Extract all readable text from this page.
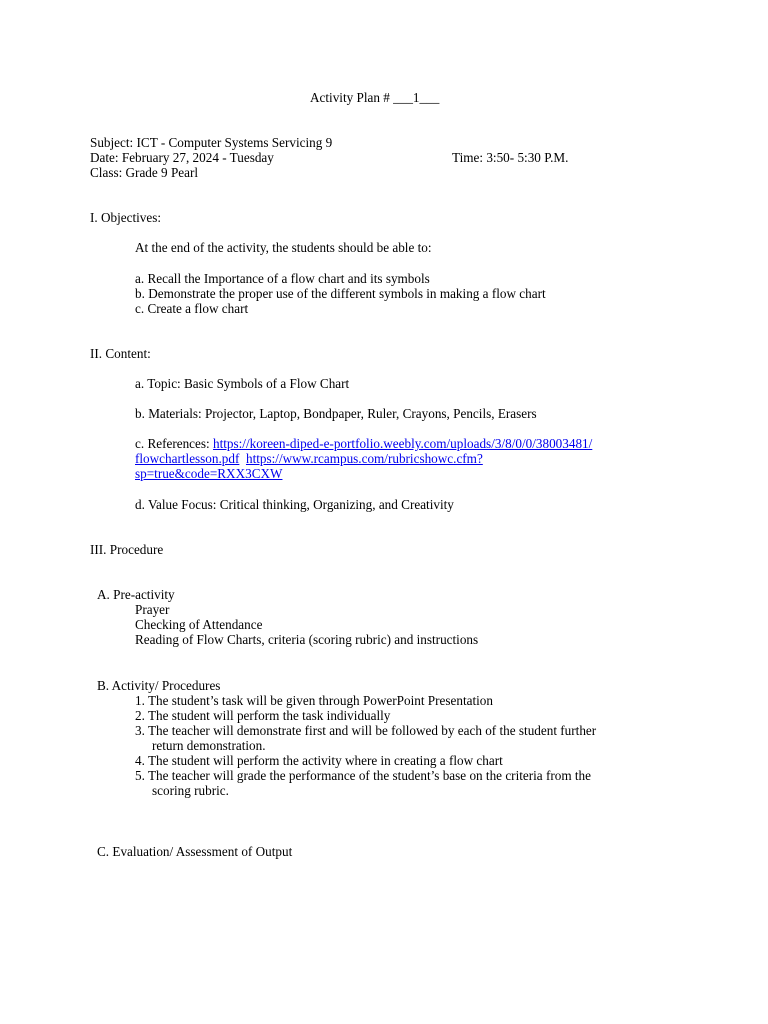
Activity Plan # ___1___
Subject: ICT - Computer Systems Servicing 9
Date: February 27, 2024 - Tuesday	Time: 3:50- 5:30 P.M.
Class: Grade 9 Pearl
I. Objectives:
At the end of the activity, the students should be able to:
a. Recall the Importance of a flow chart and its symbols
b. Demonstrate the proper use of the different symbols in making a flow chart
c. Create a flow chart
II. Content:
a. Topic: Basic Symbols of a Flow Chart
b. Materials: Projector, Laptop, Bondpaper, Ruler, Crayons, Pencils, Erasers
c. References: https://koreen-diped-e-portfolio.weebly.com/uploads/3/8/0/0/38003481/
flowchartlesson.pdf https://www.rcampus.com/rubricshowc.cfm?
sp=true&code=RXX3CXW
d. Value Focus: Critical thinking, Organizing, and Creativity
III. Procedure
A. Pre-activity
Prayer
Checking of Attendance
Reading of Flow Charts, criteria (scoring rubric) and instructions
B. Activity/ Procedures
1. The student’s task will be given through PowerPoint Presentation
2. The student will perform the task individually
3. The teacher will demonstrate first and will be followed by each of the student further
return demonstration.
4. The student will perform the activity where in creating a flow chart
5. The teacher will grade the performance of the student’s base on the criteria from the
scoring rubric.
C. Evaluation/ Assessment of Output
